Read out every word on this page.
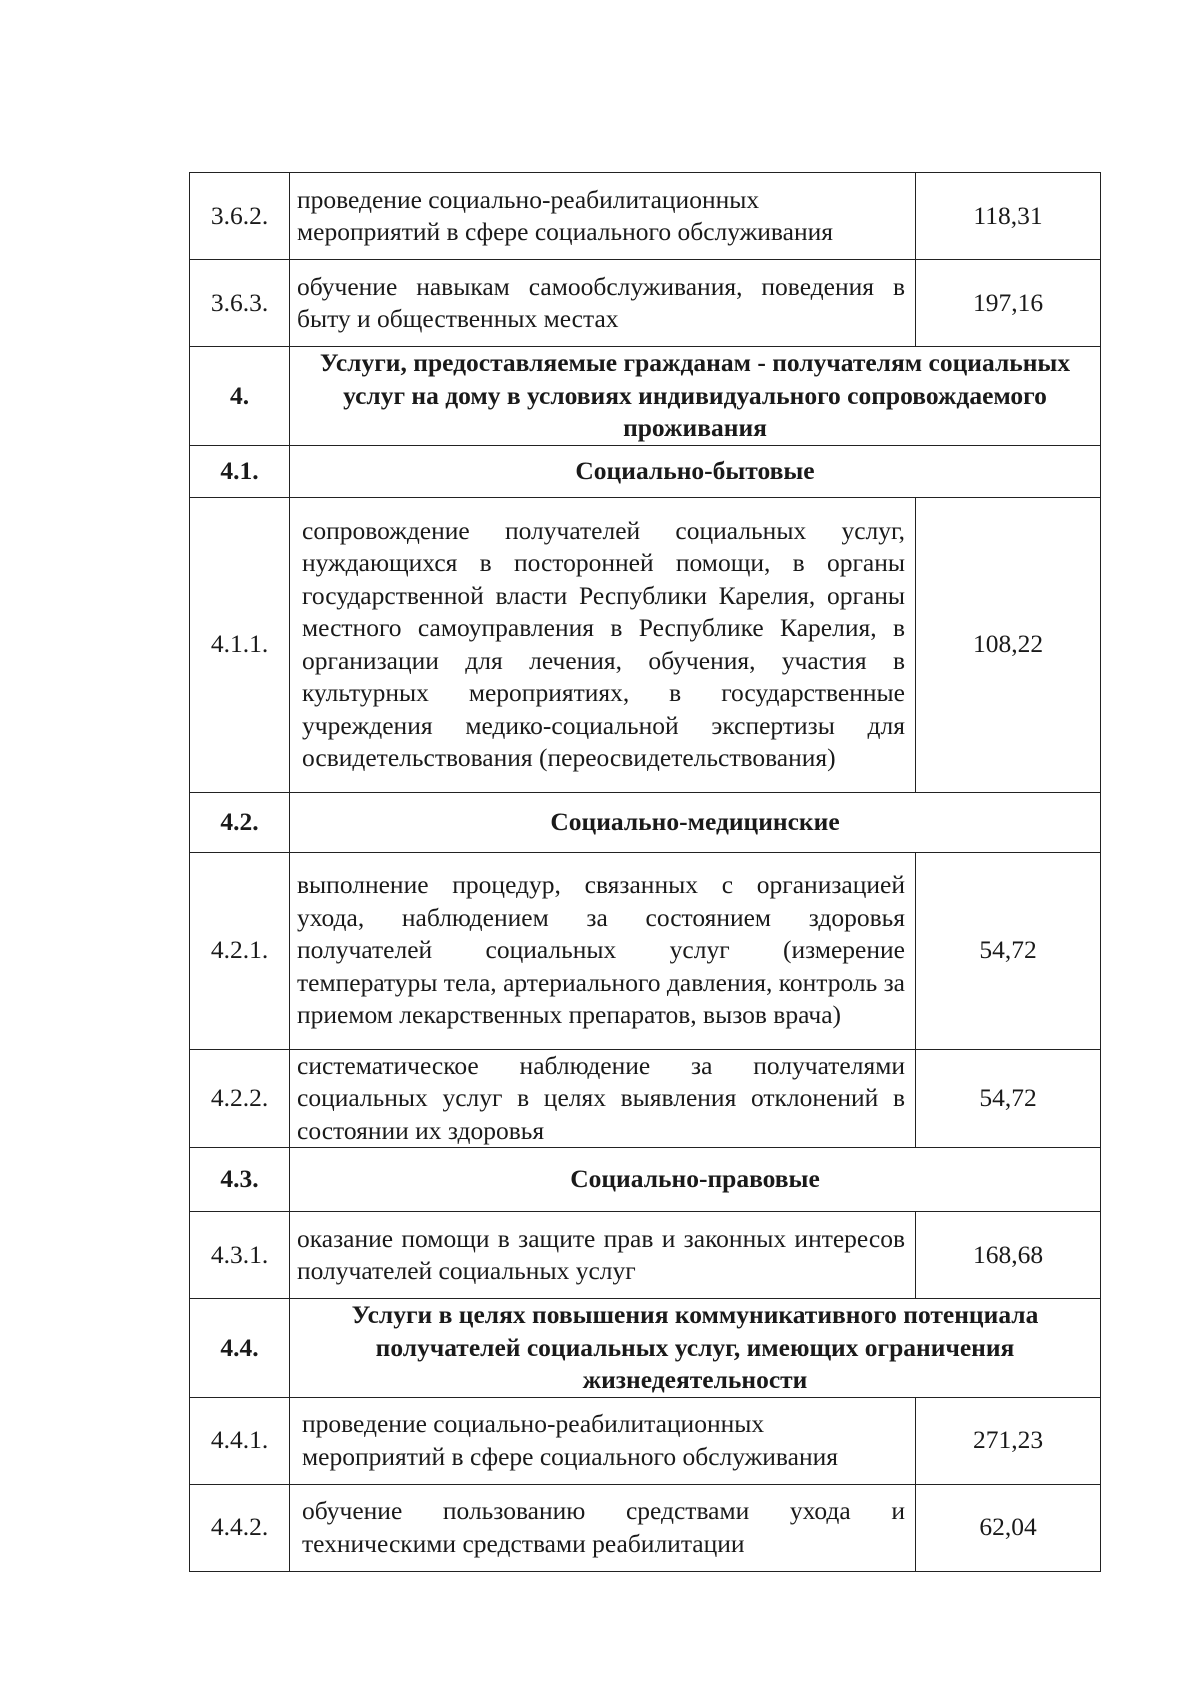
3.6.2.	проведение социально-реабилитационных мероприятий в сфере социального обслуживания	118,31
3.6.3.	обучение навыкам самообслуживания, поведения в быту и общественных местах	197,16
4.	Услуги, предоставляемые гражданам - получателям социальных услуг на дому в условиях индивидуального сопровождаемого проживания	
4.1.	Социально-бытовые	
4.1.1.	сопровождение получателей социальных услуг, нуждающихся в посторонней помощи, в органы государственной власти Республики Карелия, органы местного самоуправления в Республике Карелия, в организации для лечения, обучения, участия в культурных мероприятиях, в государственные учреждения медико-социальной экспертизы для освидетельствования (переосвидетельствования)	108,22
4.2.	Социально-медицинские	
4.2.1.	выполнение процедур, связанных с организацией ухода, наблюдением за состоянием здоровья получателей социальных услуг (измерение температуры тела, артериального давления, контроль за приемом лекарственных препаратов, вызов врача)	54,72
4.2.2.	систематическое наблюдение за получателями социальных услуг в целях выявления отклонений в состоянии их здоровья	54,72
4.3.	Социально-правовые	
4.3.1.	оказание помощи в защите прав и законных интересов получателей социальных услуг	168,68
4.4.	Услуги в целях повышения коммуникативного потенциала получателей социальных услуг, имеющих ограничения жизнедеятельности	
4.4.1.	проведение социально-реабилитационных мероприятий в сфере социального обслуживания	271,23
4.4.2.	обучение пользованию средствами ухода и техническими средствами реабилитации	62,04
